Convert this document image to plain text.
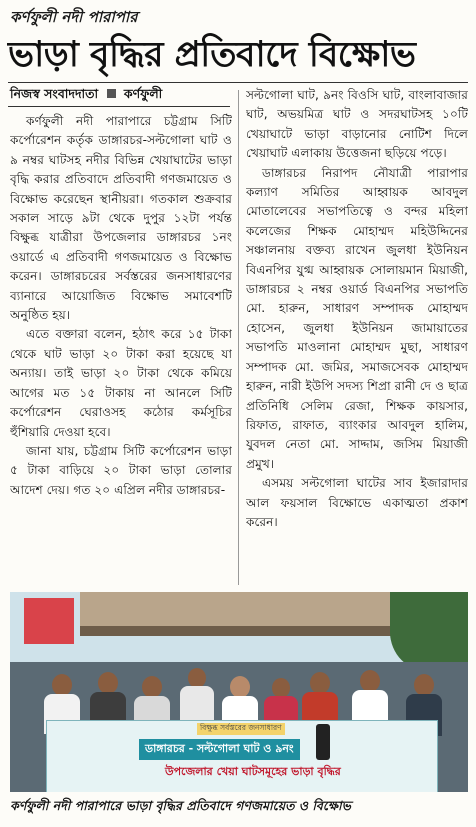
কর্ণফুলী নদী পারাপার
ভাড়া বৃদ্ধির প্রতিবাদে বিক্ষোভ
নিজস্ব সংবাদদাতা কর্ণফুলী

কর্ণফুলী নদী পারাপারে চট্টগ্রাম সিটি কর্পোরেশন কর্তৃক ডাঙ্গারচর-সল্টগোলা ঘাট ও ৯ নম্বর ঘাটসহ নদীর বিভিন্ন খেয়াঘাটের ভাড়া বৃদ্ধি করার প্রতিবাদে প্রতিবাদী গণজমায়েত ও বিক্ষোভ করেছেন স্থানীয়রা। গতকাল শুক্রবার সকাল সাড়ে ৯টা থেকে দুপুর ১২টা পর্যন্ত বিক্ষুব্ধ যাত্রীরা উপজেলার ডাঙ্গারচর ১নং ওয়ার্ডে এ প্রতিবাদী গণজমায়েত ও বিক্ষোভ করেন। ডাঙ্গারচরের সর্বস্তরের জনসাধারণের ব্যানারে আয়োজিত বিক্ষোভ সমাবেশটি অনুষ্ঠিত হয়।

এতে বক্তারা বলেন, হঠাৎ করে ১৫ টাকা থেকে ঘাট ভাড়া ২০ টাকা করা হয়েছে যা অন্যায়। তাই ভাড়া ২০ টাকা থেকে কমিয়ে আগের মত ১৫ টাকায় না আনলে সিটি কর্পোরেশন ঘেরাওসহ কঠোর কর্মসূচির হুঁশিয়ারি দেওয়া হবে।

জানা যায়, চট্টগ্রাম সিটি কর্পোরেশন ভাড়া ৫ টাকা বাড়িয়ে ২০ টাকা ভাড়া তোলার আদেশ দেয়। গত ২০ এপ্রিল নদীর ডাঙ্গারচর-

সল্টগোলা ঘাট, ৯নং বিওসি ঘাট, বাংলাবাজার ঘাট, অভয়মিত্র ঘাট ও সদরঘাটসহ ১০টি খেয়াঘাটে ভাড়া বাড়ানোর নোটিশ দিলে খেয়াঘাট এলাকায় উত্তেজনা ছড়িয়ে পড়ে।

ডাঙ্গারচর নিরাপদ নৌযাত্রী পারাপার কল্যাণ সমিতির আহ্বায়ক আবদুল মোতালেবের সভাপতিত্বে ও বন্দর মহিলা কলেজের শিক্ষক মোহাম্মদ মহিউদ্দিনের সঞ্চালনায় বক্তব্য রাখেন জুলধা ইউনিয়ন বিএনপির যুগ্ম আহ্বায়ক সোলায়মান মিয়াজী, ডাঙ্গারচর ২ নম্বর ওয়ার্ড বিএনপির সভাপতি মো. হারুন, সাধারণ সম্পাদক মোহাম্মদ হোসেন, জুলধা ইউনিয়ন জামায়াতের সভাপতি মাওলানা মোহাম্মদ মুছা, সাধারণ সম্পাদক মো. জমির, সমাজসেবক মোহাম্মদ হারুন, নারী ইউপি সদস্য শিপ্রা রানী দে ও ছাত্র প্রতিনিধি সেলিম রেজা, শিক্ষক কায়সার, রিফাত, রাফাত, ব্যাংকার আবদুল হালিম, যুবদল নেতা মো. সাদ্দাম, জসিম মিয়াজী প্রমুখ।

এসময় সল্টগোলা ঘাটের সাব ইজারাদার আল ফয়সাল বিক্ষোভে একাত্মতা প্রকাশ করেন।

বিক্ষুব্ধ সর্বস্তরের জনসাধারণ
ডাঙ্গারচর - সল্টগোলা ঘাট ও ৯নং
উপজেলার খেয়া ঘাটসমূহের ভাড়া বৃদ্ধির
কর্ণফুলী নদী পারাপারে ভাড়া বৃদ্ধির প্রতিবাদে গণজমায়েত ও বিক্ষোভ
